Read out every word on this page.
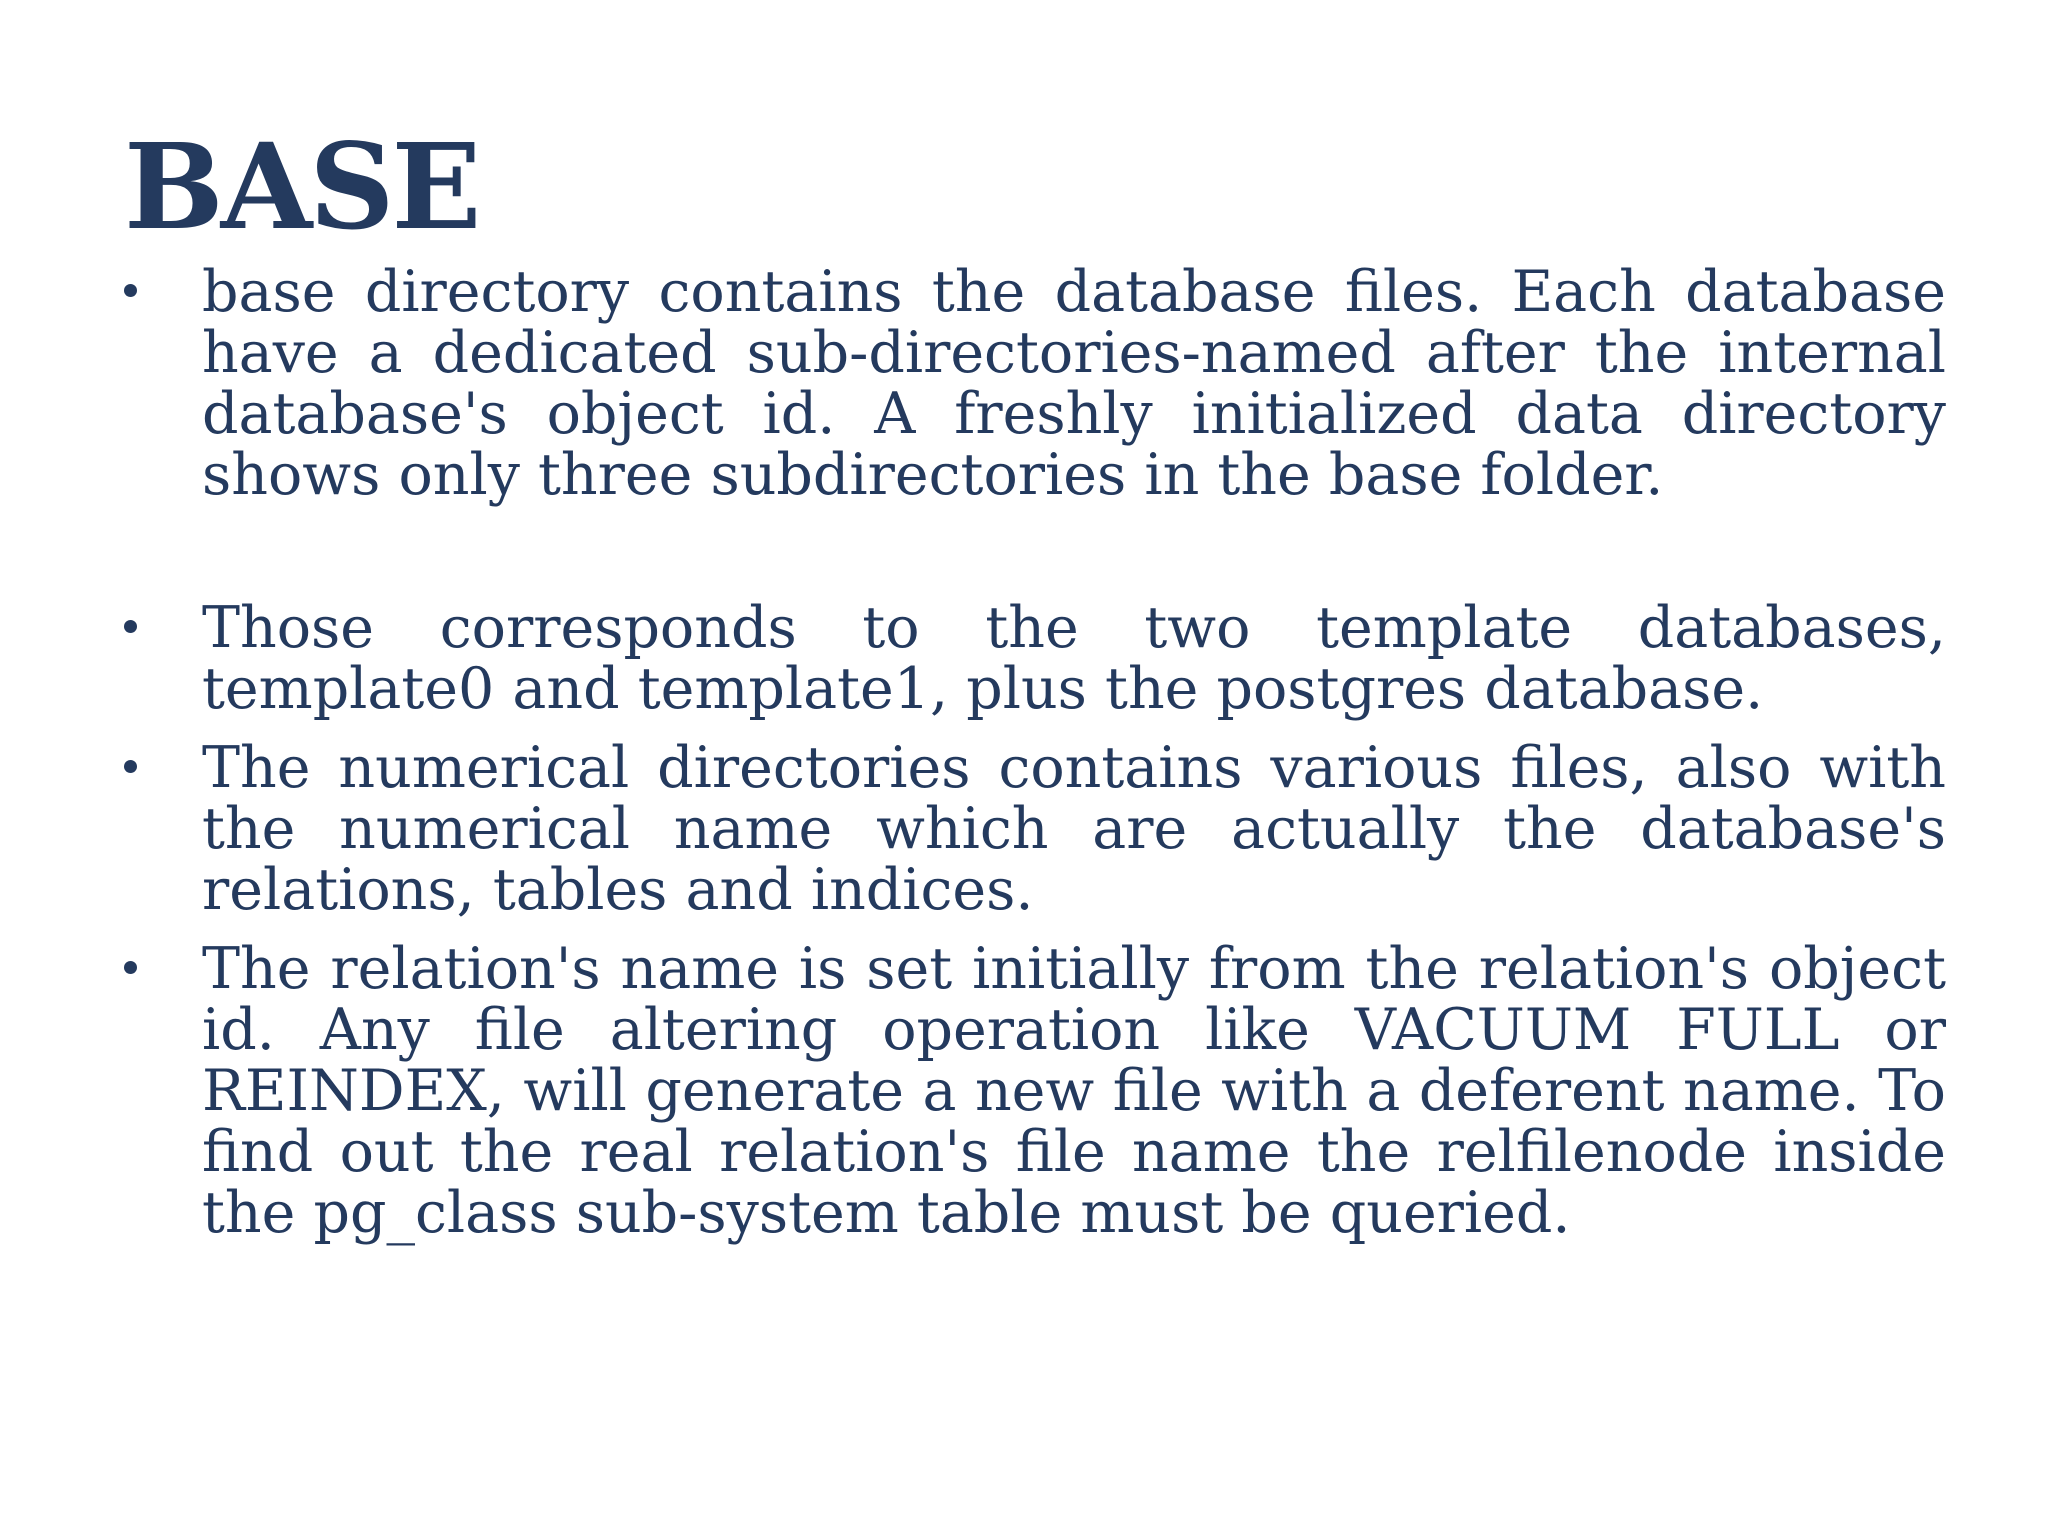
BASE
base directory contains the database files. Each database have a dedicated sub-directories-named after the internal database's object id. A freshly initialized data directory shows only three subdirectories in the base folder.
Those corresponds to the two template databases, template0 and template1, plus the postgres database.
The numerical directories contains various files, also with the numerical name which are actually the database's relations, tables and indices.
The relation's name is set initially from the relation's object id. Any file altering operation like VACUUM FULL or REINDEX, will generate a new file with a deferent name. To find out the real relation's file name the relfilenode inside the pg_class sub-system table must be queried.
